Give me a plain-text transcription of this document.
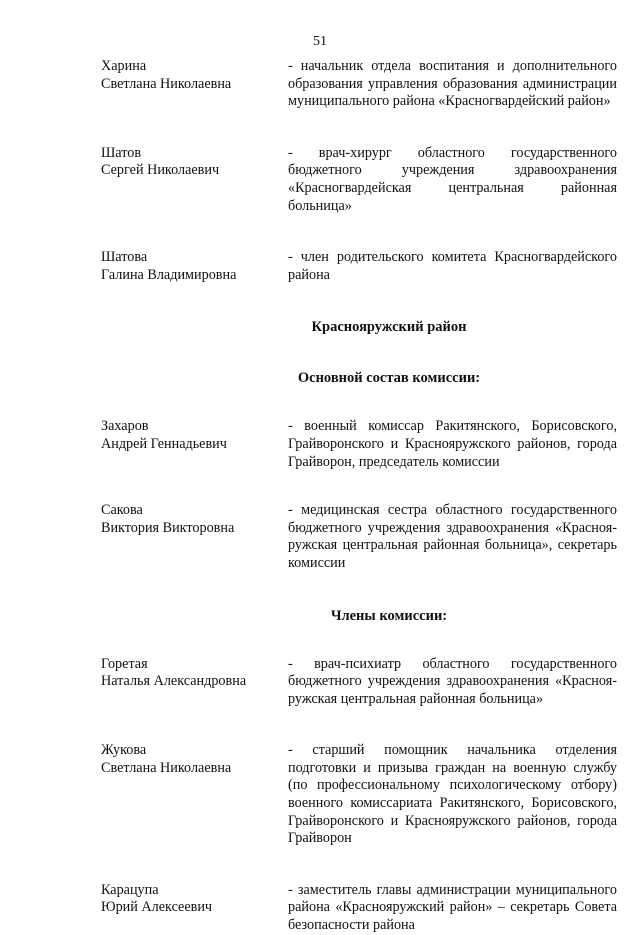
51
Харина
Светлана Николаевна
- начальник отдела воспитания и дополнительного образования управления образования администрации муниципального района «Красногвардейский район»
Шатов
Сергей Николаевич
- врач-хирург областного государственного бюджетного учреждения здравоохранения «Красногвардейская центральная районная больница»
Шатова
Галина Владимировна
- член родительского комитета Красногвардейского района
Краснояружский район
Основной состав комиссии:
Захаров
Андрей Геннадьевич
- военный комиссар Ракитянского, Борисовского, Грайворонского и Краснояружского районов, города Грайворон, председатель комиссии
Сакова
Виктория Викторовна
- медицинская сестра областного государственного бюджетного учреждения здравоохранения «Краснояружская центральная районная больница», секретарь комиссии
Члены комиссии:
Горетая
Наталья Александровна
- врач-психиатр областного государственного бюджетного учреждения здравоохранения «Краснояружская центральная районная больница»
Жукова
Светлана Николаевна
- старший помощник начальника отделения подготовки и призыва граждан на военную службу (по профессиональному психологическому отбору) военного комиссариата Ракитянского, Борисовского, Грайворонского и Краснояружского районов, города Грайворон
Карацупа
Юрий Алексеевич
- заместитель главы администрации муниципального района «Краснояружский район» – секретарь Совета безопасности района
